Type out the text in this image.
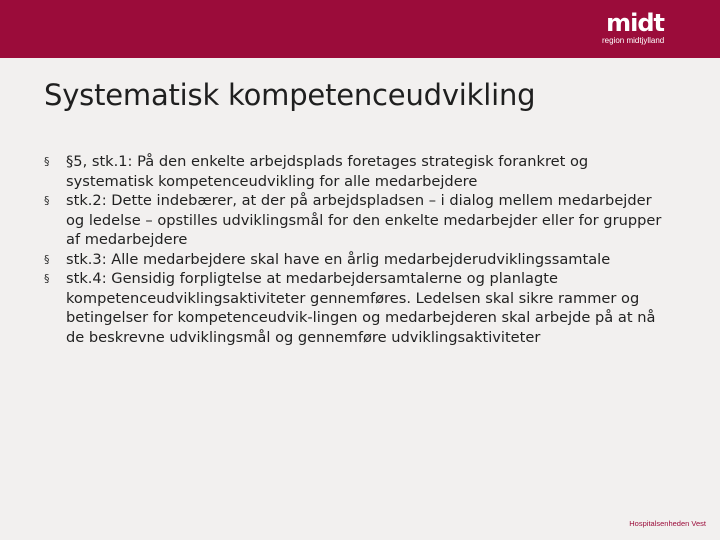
midt
region midtjylland
Systematisk kompetenceudvikling
§ §5, stk.1: På den enkelte arbejdsplads foretages strategisk forankret og systematisk kompetenceudvikling for alle medarbejdere
§ stk.2: Dette indebærer, at der på arbejdspladsen – i dialog mellem medarbejder og ledelse – opstilles udviklingsmål for den enkelte medarbejder eller for grupper af medarbejdere
§ stk.3: Alle medarbejdere skal have en årlig medarbejderudviklingssamtale
§ stk.4: Gensidig forpligtelse at medarbejdersamtalerne og planlagte kompetenceudviklingsaktiviteter gennemføres. Ledelsen skal sikre rammer og betingelser for kompetenceudvik-lingen og medarbejderen skal arbejde på at nå de beskrevne udviklingsmål og gennemføre udviklingsaktiviteter
Hospitalsenheden Vest
